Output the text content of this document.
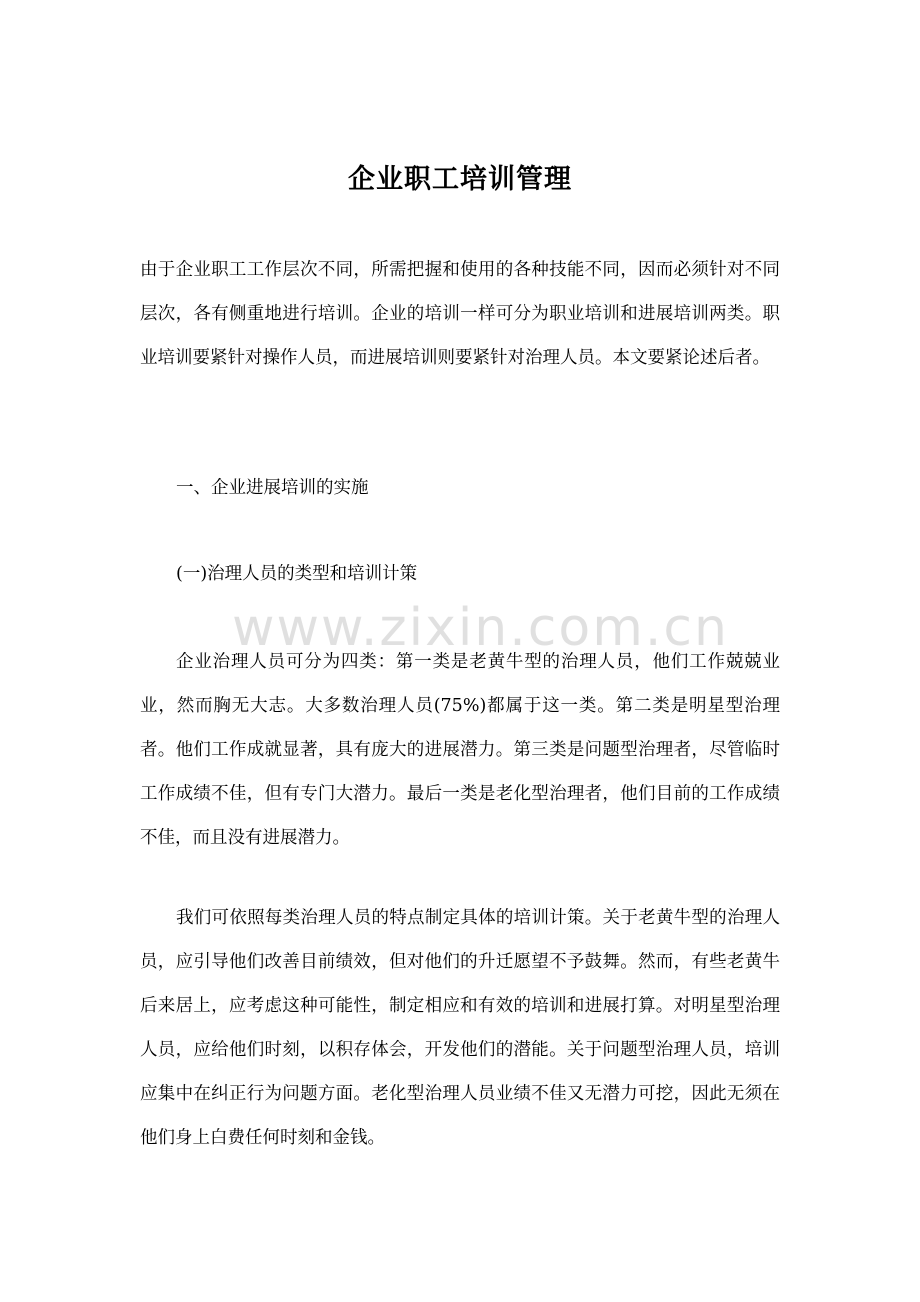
www.zixin.com.cn
企业职工培训管理

由于企业职工工作层次不同，所需把握和使用的各种技能不同，因而必须针对不同层次，各有侧重地进行培训。企业的培训一样可分为职业培训和进展培训两类。职业培训要紧针对操作人员，而进展培训则要紧针对治理人员。本文要紧论述后者。

一、企业进展培训的实施

(一)治理人员的类型和培训计策

企业治理人员可分为四类：第一类是老黄牛型的治理人员，他们工作兢兢业业，然而胸无大志。大多数治理人员(75%)都属于这一类。第二类是明星型治理者。他们工作成就显著，具有庞大的进展潜力。第三类是问题型治理者，尽管临时工作成绩不佳，但有专门大潜力。最后一类是老化型治理者，他们目前的工作成绩不佳，而且没有进展潜力。

我们可依照每类治理人员的特点制定具体的培训计策。关于老黄牛型的治理人员，应引导他们改善目前绩效，但对他们的升迁愿望不予鼓舞。然而，有些老黄牛后来居上，应考虑这种可能性，制定相应和有效的培训和进展打算。对明星型治理人员，应给他们时刻，以积存体会，开发他们的潜能。关于问题型治理人员，培训应集中在纠正行为问题方面。老化型治理人员业绩不佳又无潜力可挖，因此无须在他们身上白费任何时刻和金钱。
